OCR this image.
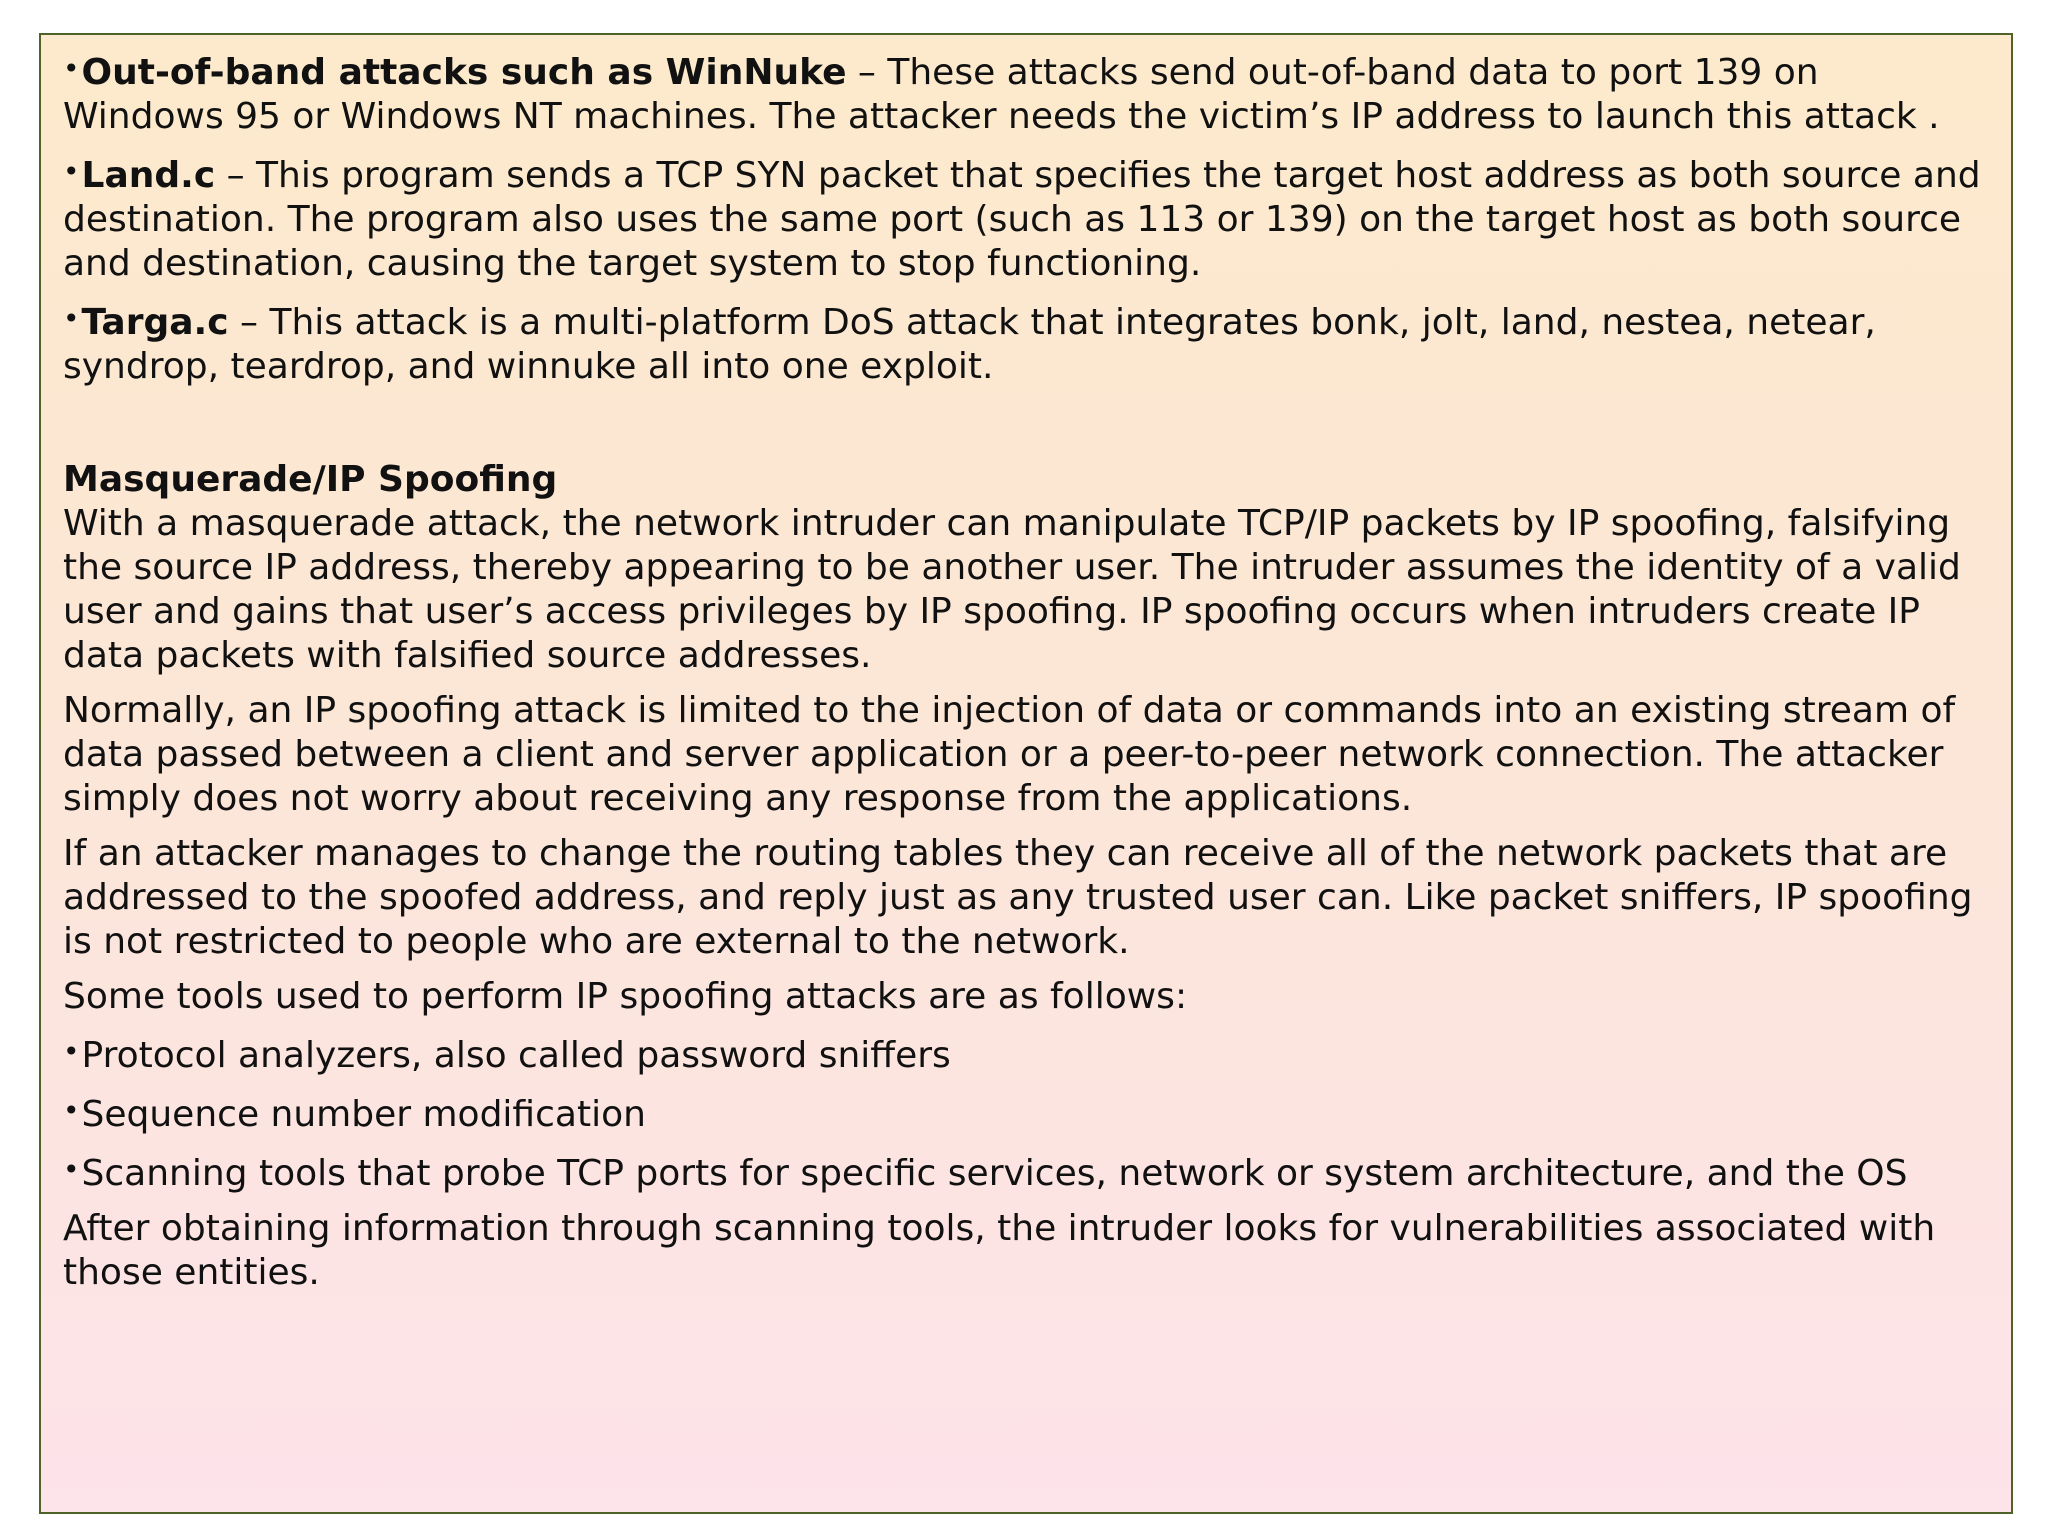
•Out-of-band attacks such as WinNuke – These attacks send out-of-band data to port 139 on Windows 95 or Windows NT machines. The attacker needs the victim’s IP address to launch this attack .

•Land.c – This program sends a TCP SYN packet that specifies the target host address as both source and destination. The program also uses the same port (such as 113 or 139) on the target host as both source and destination, causing the target system to stop functioning.

•Targa.c – This attack is a multi-platform DoS attack that integrates bonk, jolt, land, nestea, netear, syndrop, teardrop, and winnuke all into one exploit.

Masquerade/IP Spoofing

With a masquerade attack, the network intruder can manipulate TCP/IP packets by IP spoofing, falsifying the source IP address, thereby appearing to be another user. The intruder assumes the identity of a valid user and gains that user’s access privileges by IP spoofing. IP spoofing occurs when intruders create IP data packets with falsified source addresses.

Normally, an IP spoofing attack is limited to the injection of data or commands into an existing stream of data passed between a client and server application or a peer-to-peer network connection. The attacker simply does not worry about receiving any response from the applications.

If an attacker manages to change the routing tables they can receive all of the network packets that are addressed to the spoofed address, and reply just as any trusted user can. Like packet sniffers, IP spoofing is not restricted to people who are external to the network.

Some tools used to perform IP spoofing attacks are as follows:

•Protocol analyzers, also called password sniffers

•Sequence number modification

•Scanning tools that probe TCP ports for specific services, network or system architecture, and the OS

After obtaining information through scanning tools, the intruder looks for vulnerabilities associated with those entities.
